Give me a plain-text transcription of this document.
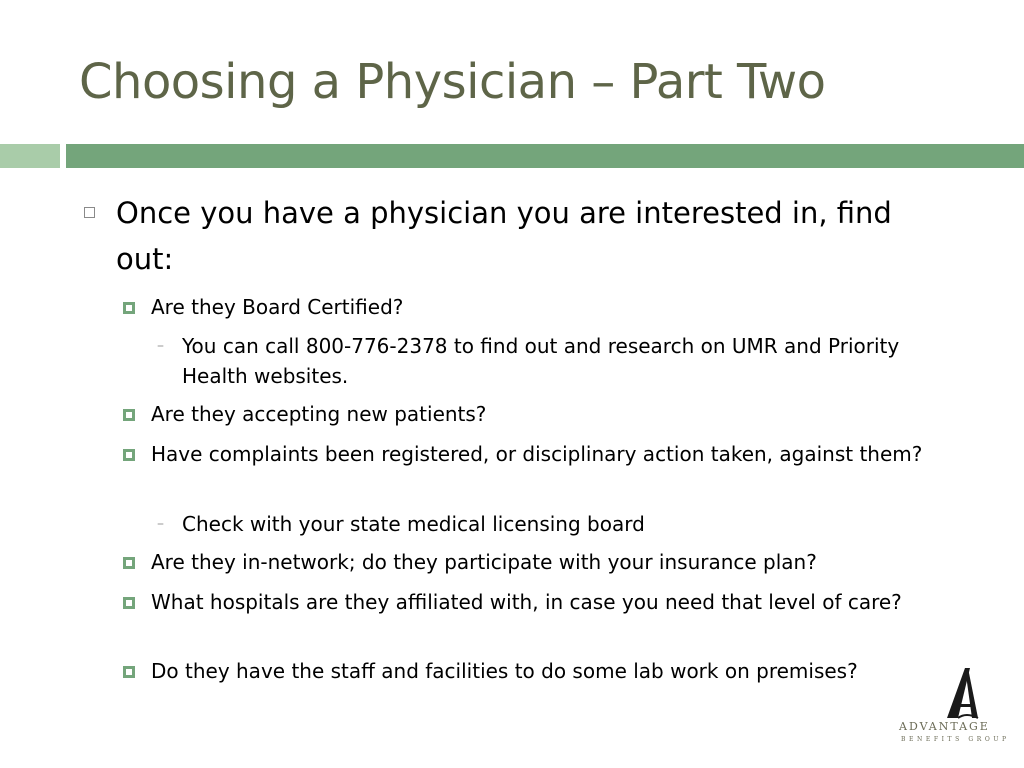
Choosing a Physician – Part Two
Once you have a physician you are interested in, find out:
Are they Board Certified?
– You can call 800-776-2378 to find out and research on UMR and Priority Health websites.
Are they accepting new patients?
Have complaints been registered, or disciplinary action taken, against them?
– Check with your state medical licensing board
Are they in-network; do they participate with your insurance plan?
What hospitals are they affiliated with, in case you need that level of care?
Do they have the staff and facilities to do some lab work on premises?
ADVANTAGE
BENEFITS GROUP
